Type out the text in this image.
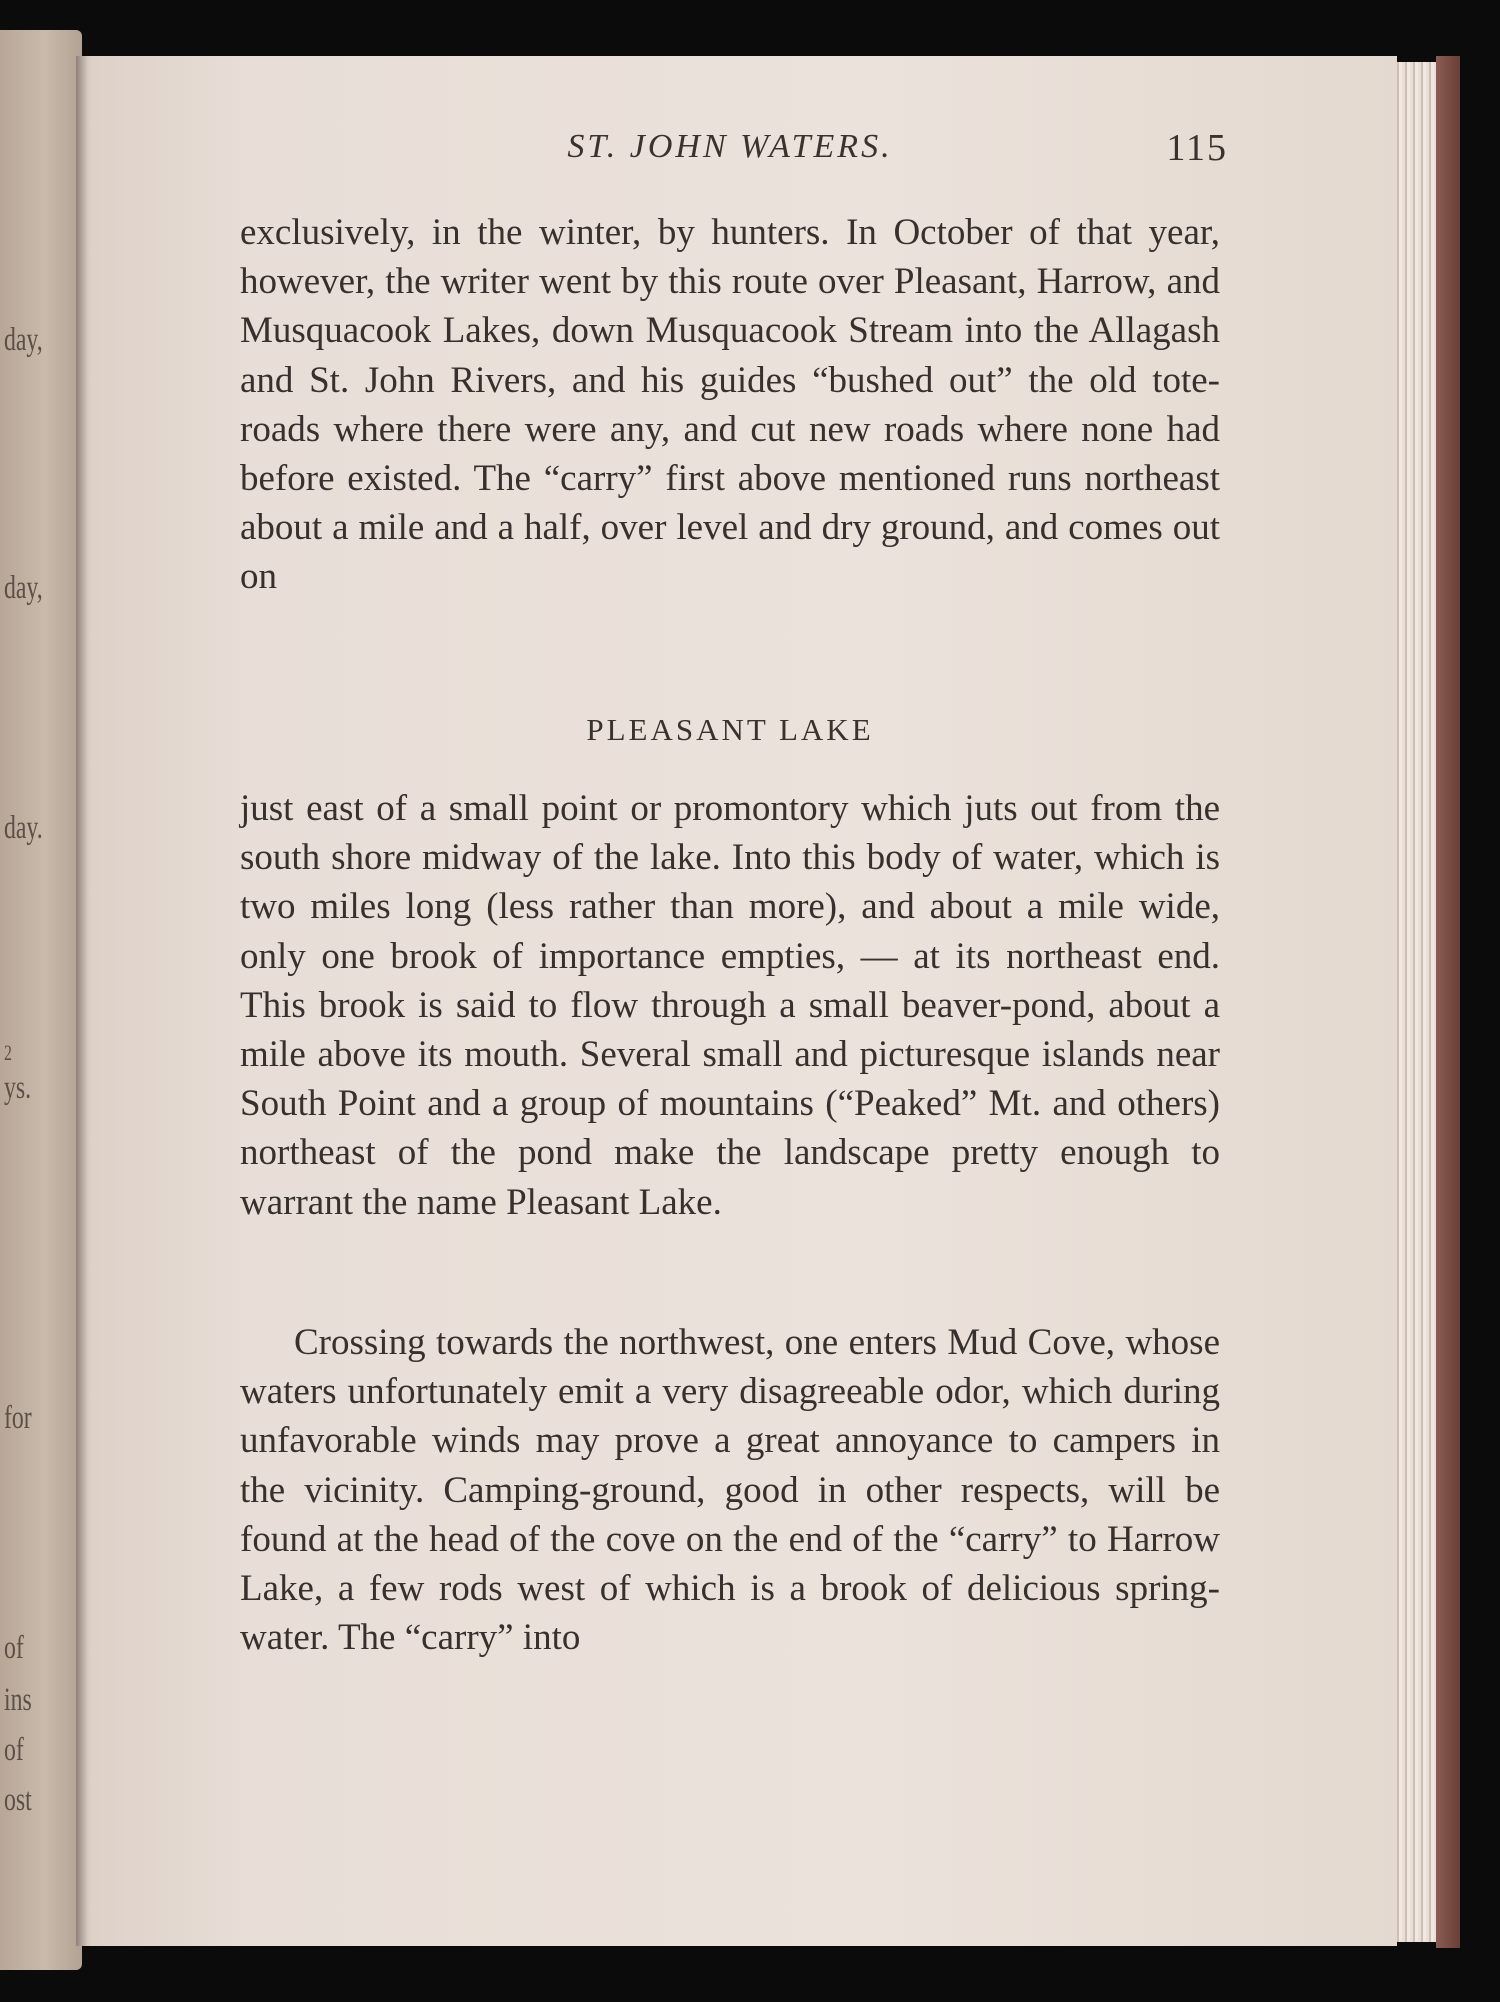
day,
day,
day.
2
ys.
for
of
ins
of
ost
ST. JOHN WATERS.	115

exclusively, in the winter, by hunters. In October of that year, however, the writer went by this route over Pleasant, Harrow, and Musquacook Lakes, down Musquacook Stream into the Allagash and St. John Rivers, and his guides “bushed out” the old tote-roads where there were any, and cut new roads where none had before existed. The “carry” first above mentioned runs northeast about a mile and a half, over level and dry ground, and comes out on

PLEASANT LAKE

just east of a small point or promontory which juts out from the south shore midway of the lake. Into this body of water, which is two miles long (less rather than more), and about a mile wide, only one brook of importance empties, — at its northeast end. This brook is said to flow through a small beaver-pond, about a mile above its mouth. Several small and picturesque islands near South Point and a group of mountains (“Peaked” Mt. and others) northeast of the pond make the landscape pretty enough to warrant the name Pleasant Lake.

Crossing towards the northwest, one enters Mud Cove, whose waters unfortunately emit a very disagreeable odor, which during unfavorable winds may prove a great annoyance to campers in the vicinity. Camping-ground, good in other respects, will be found at the head of the cove on the end of the “carry” to Harrow Lake, a few rods west of which is a brook of delicious spring-water. The “carry” into
